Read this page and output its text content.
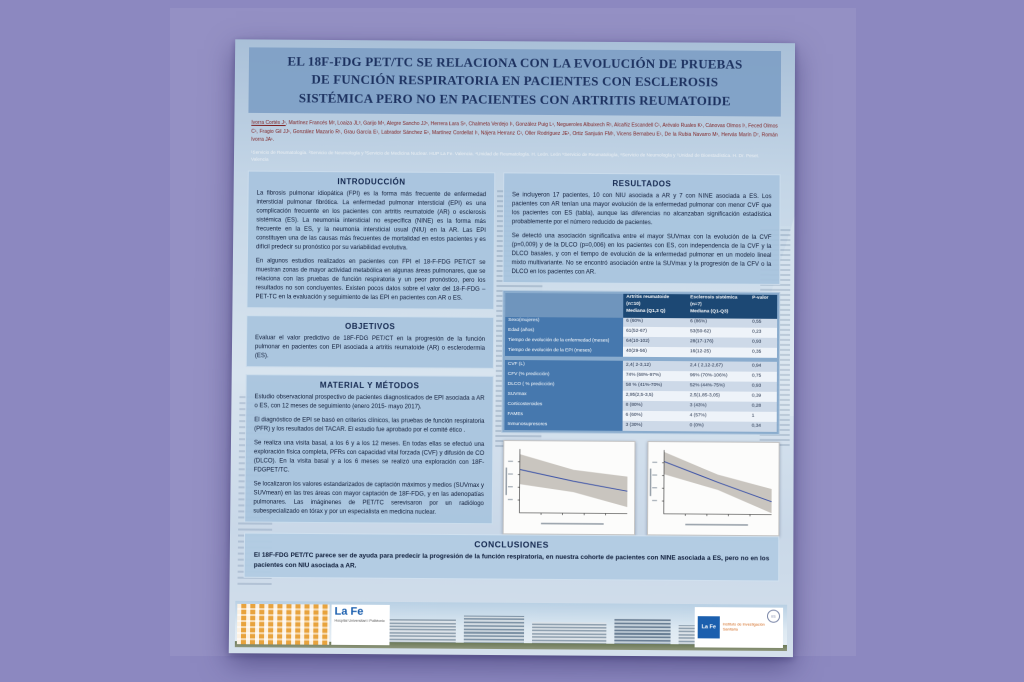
EL 18F-FDG PET/TC SE RELACIONA CON LA EVOLUCIÓN DE PRUEBAS
DE FUNCIÓN RESPIRATORIA EN PACIENTES CON ESCLEROSIS
SISTÉMICA PERO NO EN PACIENTES CON ARTRITIS REUMATOIDE
Ivorra Cortés J¹, Martínez Francés M², Loaiza JL³, Garijo M⁴, Alegre Sancho JJ⁵, Herrera Lara S⁶, Chalmeta Verdejo I¹, González Puig L¹, Negueroles Albuixech R¹, Alcañiz Escandell C¹, Arévalo Ruales K¹, Cánovas Olmos I¹, Feced Olmos C¹, Fragio Gil JJ¹, González Mazarío R¹, Grau García E¹, Labrador Sánchez E¹, Martínez Cordellat I¹, Nájera Herranz C¹, Oller Rodríguez JE¹, Ortiz Sanjuán FM¹, Vicens Bernabeu E¹, De la Rubia Navarro M¹, Hervás Marín D⁷, Román Ivorra JA¹.
¹Servicio de Reumatología. ²Servicio de Neumología y ³Servicio de Medicina Nuclear. HUP La Fe. Valencia. ⁴Unidad de Reumatología. H. León. León ⁵Servicio de Reumatología, ⁶Servicio de Neumología y ⁷Unidad de Bioestadística. H. Dr. Peset. Valencia
INTRODUCCIÓN

La fibrosis pulmonar idiopática (FPI) es la forma más frecuente de enfermedad intersticial pulmonar fibrótica. La enfermedad pulmonar intersticial (EPI) es una complicación frecuente en los pacientes con artritis reumatoide (AR) o esclerosis sistémica (ES). La neumonía intersticial no específica (NINE) es la forma más frecuente en la ES, y la neumonía intersticial usual (NIU) en la AR. Las EPI constituyen una de las causas más frecuentes de mortalidad en estos pacientes y es difícil predecir su pronóstico por su variabilidad evolutiva.

En algunos estudios realizados en pacientes con FPI el 18-F-FDG PET/CT se muestran zonas de mayor actividad metabólica en algunas áreas pulmonares, que se relaciona con las pruebas de función respiratoria y un peor pronóstico, pero los resultados no son concluyentes. Existen pocos datos sobre el valor del 18-F-FDG –PET-TC en la evaluación y seguimiento de las EPI en pacientes con AR o ES.

OBJETIVOS

Evaluar el valor predictivo de 18F-FDG PET/CT en la progresión de la función pulmonar en pacientes con EPI asociada a artritis reumatoide (AR) o esclerodermia (ES).

MATERIAL Y MÉTODOS

Estudio observacional prospectivo de pacientes diagnosticados de EPI asociada a AR o ES, con 12 meses de seguimiento (enero 2015- mayo 2017).

El diagnóstico de EPI se basó en criterios clínicos, las pruebas de función respiratoria (PFR) y los resultados del TACAR. El estudio fue aprobado por el comité ético .

Se realiza una visita basal, a los 6 y a los 12 meses. En todas ellas se efectuó una exploración física completa, PFRs con capacidad vital forzada (CVF) y difusión de CO (DLCO). En la visita basal y a los 6 meses se realizó una exploración con 18F-FDGPET/TC.

Se localizaron los valores estandarizados de captación máximos y medios (SUVmax y SUVmean) en las tres áreas con mayor captación de 18F-FDG, y en las adenopatías pulmonares. Las imáginenes de PET/TC serevisaron por un radiólogo subespecializado en tórax y por un especialista en medicina nuclear.

RESULTADOS

Se incluyeron 17 pacientes, 10 con NIU asociada a AR y 7 con NINE asociada a ES. Los pacientes con AR tenían una mayor evolución de la enfermedad pulmonar con menor CVF que los pacientes con ES (tabla), aunque las diferencias no alcanzaban significación estadística probablemente por el número reducido de pacientes.

Se detectó una asociación significativa entre el mayor SUVmax con la evolución de la CVF (p=0,009) y de la DLCO (p=0,006) en los pacientes con ES, con independencia de la CVF y la DLCO basales, y con el tiempo de evolución de la enfermedad pulmonar en un modelo lineal mixto multivariante. No se encontró asociación entre la SUVmax y la progresión de la CFV o la DLCO en los pacientes con AR.

	Artritis reumatoide
(n=10)
Mediana (Q1,3 Q)	Esclerosis sistémica
(n=7)
Mediana (Q1-Q3)	P-valor
Sexo(mujeres)	6 (60%)	6 (86%)	0,55
Edad (años)	61(52-67)	53(50-62)	0,23
Tiempo de evolución de la enfermedad (meses)	64(10-102)	28(17-176)	0,93
Tiempo de evolución de la EPI (meses)	40(29-56)	16(12-25)	0,35

CVF (L)	2,4( 2-3,12)	2,4 ( 2,12-2,67)	0,94
CFV (% predicción)	74% (68%-97%)	96% (70%-106%)	0,75
DLCO ( % predicción)	58 % (41%-70%)	52% (44%-75%)	0,93
SUVmax	2,95(2,5-3,5)	2,5(1,85-3,05)	0,39
Corticosteroides	8 (80%)	3 (43%)	0,28
FAMEs	6 (60%)	4 (57%)	1
Inmunosupresores	3 (30%)	0 (0%)	0,34
CONCLUSIONES

El 18F-FDG PET/TC parece ser de ayuda para predecir la progresión de la función respiratoria, en nuestra cohorte de pacientes con NINE asociada a ES, pero no en los pacientes con NIU asociada a AR.

La Fe
Hospital Universitari i Politècnic
La Fe	Instituto de Investigación Sanitaria
IIS
